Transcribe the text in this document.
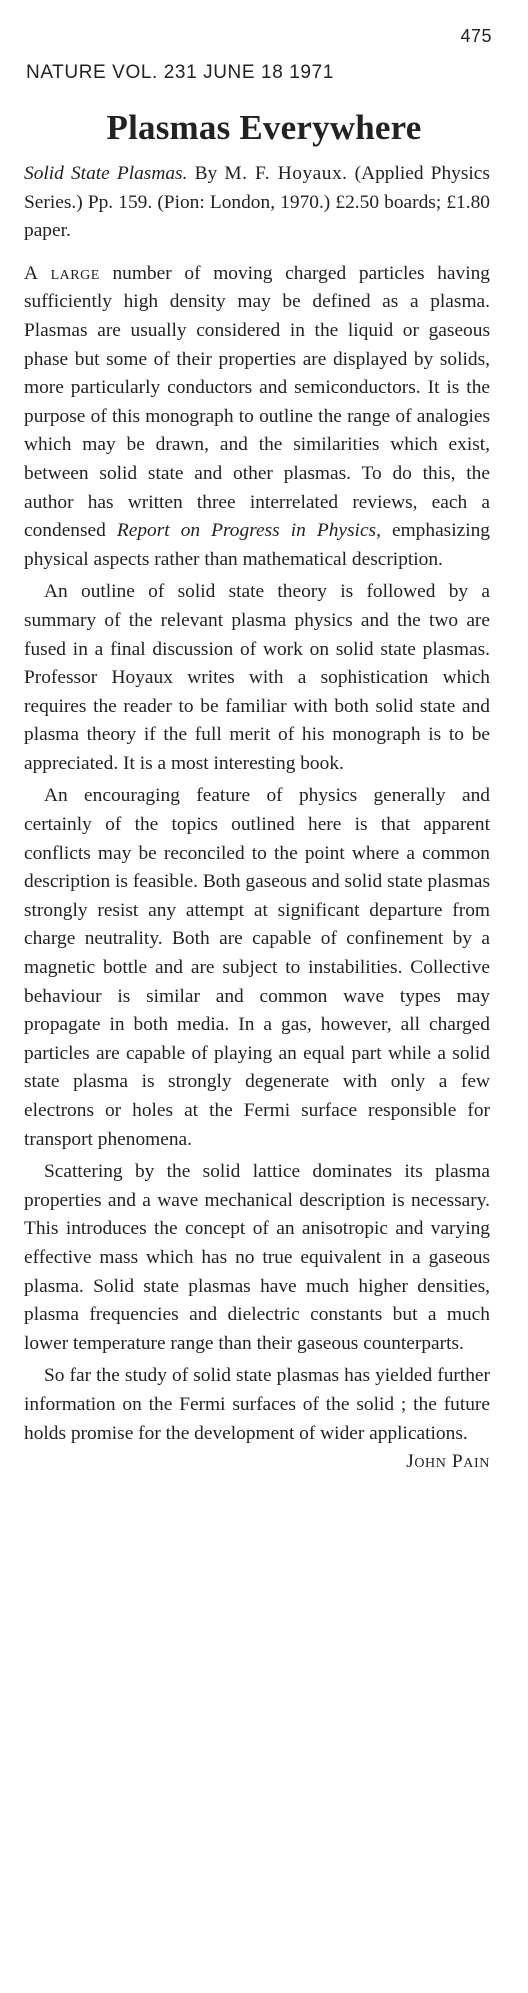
475
NATURE VOL. 231 JUNE 18 1971
Plasmas Everywhere
Solid State Plasmas. By M. F. Hoyaux. (Applied Physics Series.) Pp. 159. (Pion: London, 1970.) £2.50 boards; £1.80 paper.

A large number of moving charged particles having sufficiently high density may be defined as a plasma. Plasmas are usually considered in the liquid or gaseous phase but some of their properties are displayed by solids, more particularly conductors and semiconductors. It is the purpose of this monograph to outline the range of analogies which may be drawn, and the similarities which exist, between solid state and other plasmas. To do this, the author has written three interrelated reviews, each a condensed Report on Progress in Physics, emphasizing physical aspects rather than mathematical description.

An outline of solid state theory is followed by a summary of the relevant plasma physics and the two are fused in a final discussion of work on solid state plasmas. Professor Hoyaux writes with a sophistication which requires the reader to be familiar with both solid state and plasma theory if the full merit of his monograph is to be appreciated. It is a most interesting book.

An encouraging feature of physics generally and certainly of the topics outlined here is that apparent conflicts may be reconciled to the point where a common description is feasible. Both gaseous and solid state plasmas strongly resist any attempt at significant departure from charge neutrality. Both are capable of confinement by a magnetic bottle and are subject to instabilities. Collective behaviour is similar and common wave types may propagate in both media. In a gas, however, all charged particles are capable of playing an equal part while a solid state plasma is strongly degenerate with only a few electrons or holes at the Fermi surface responsible for transport phenomena.

Scattering by the solid lattice dominates its plasma properties and a wave mechanical description is necessary. This introduces the concept of an anisotropic and varying effective mass which has no true equivalent in a gaseous plasma. Solid state plasmas have much higher densities, plasma frequencies and dielectric constants but a much lower temperature range than their gaseous counterparts.

So far the study of solid state plasmas has yielded further information on the Fermi surfaces of the solid ; the future holds promise for the development of wider applications.
John Pain
